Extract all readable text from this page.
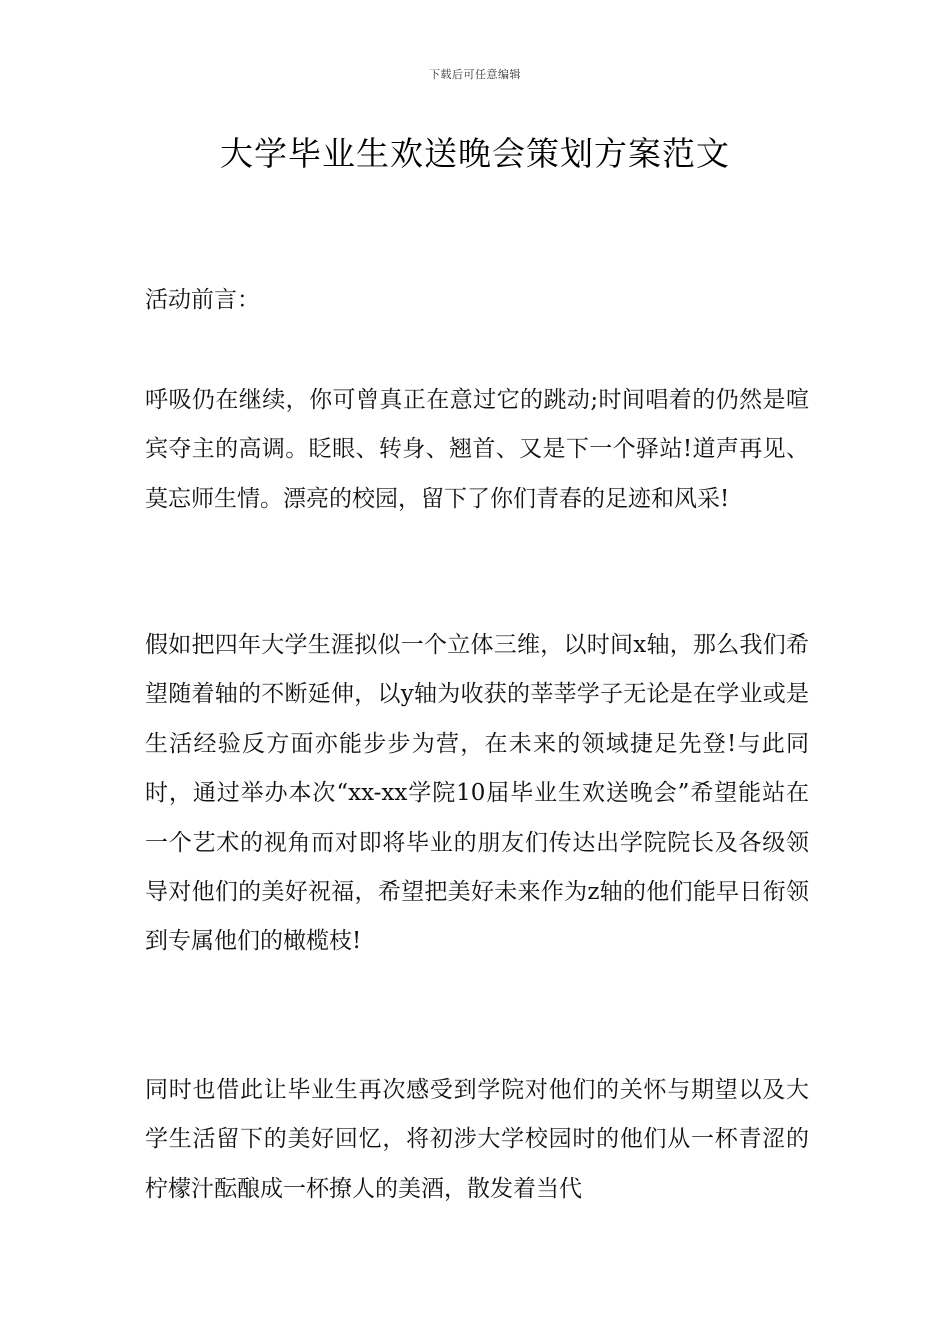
下载后可任意编辑
大学毕业生欢送晚会策划方案范文
活动前言：

呼吸仍在继续，你可曾真正在意过它的跳动;时间唱着的仍然是喧宾夺主的高调。眨眼、转身、翘首、又是下一个驿站!道声再见、莫忘师生情。漂亮的校园，留下了你们青春的足迹和风采!

假如把四年大学生涯拟似一个立体三维，以时间x轴，那么我们希望随着轴的不断延伸，以y轴为收获的莘莘学子无论是在学业或是生活经验反方面亦能步步为营，在未来的领域捷足先登!与此同时，通过举办本次“xx-xx学院10届毕业生欢送晚会”希望能站在一个艺术的视角而对即将毕业的朋友们传达出学院院长及各级领导对他们的美好祝福，希望把美好未来作为z轴的他们能早日衔领到专属他们的橄榄枝!

同时也借此让毕业生再次感受到学院对他们的关怀与期望以及大学生活留下的美好回忆，将初涉大学校园时的他们从一杯青涩的柠檬汁酝酿成一杯撩人的美酒，散发着当代
